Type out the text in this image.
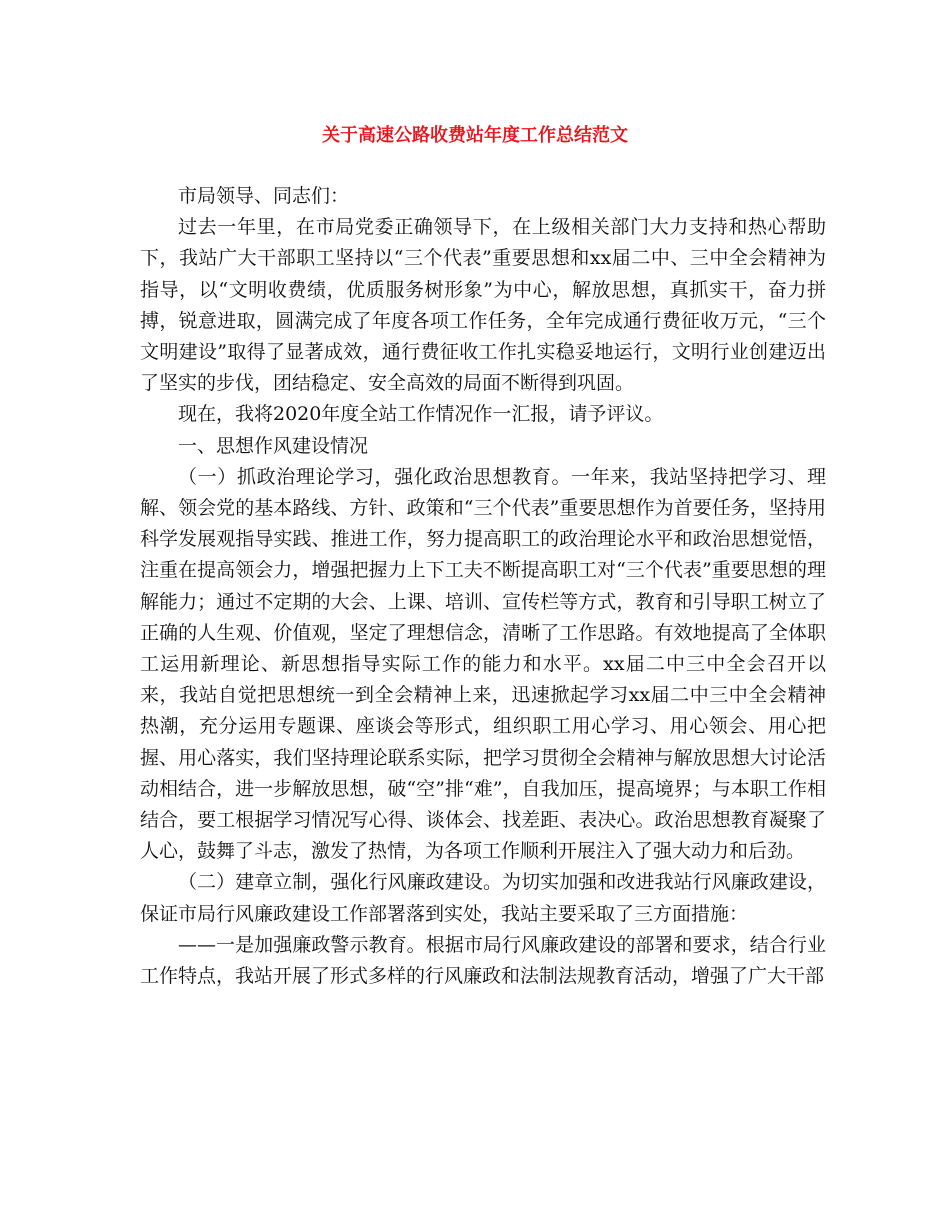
关于高速公路收费站年度工作总结范文

市局领导、同志们：

过去一年里，在市局党委正确领导下，在上级相关部门大力支持和热心帮助下，我站广大干部职工坚持以“三个代表”重要思想和xx届二中、三中全会精神为指导，以“文明收费绩，优质服务树形象”为中心，解放思想，真抓实干，奋力拼搏，锐意进取，圆满完成了年度各项工作任务，全年完成通行费征收万元，“三个文明建设”取得了显著成效，通行费征收工作扎实稳妥地运行，文明行业创建迈出了坚实的步伐，团结稳定、安全高效的局面不断得到巩固。

现在，我将2020年度全站工作情况作一汇报，请予评议。

一、思想作风建设情况

（一）抓政治理论学习，强化政治思想教育。一年来，我站坚持把学习、理解、领会党的基本路线、方针、政策和“三个代表”重要思想作为首要任务，坚持用科学发展观指导实践、推进工作，努力提高职工的政治理论水平和政治思想觉悟，注重在提高领会力，增强把握力上下工夫不断提高职工对“三个代表”重要思想的理解能力；通过不定期的大会、上课、培训、宣传栏等方式，教育和引导职工树立了正确的人生观、价值观，坚定了理想信念，清晰了工作思路。有效地提高了全体职工运用新理论、新思想指导实际工作的能力和水平。xx届二中三中全会召开以来，我站自觉把思想统一到全会精神上来，迅速掀起学习xx届二中三中全会精神热潮，充分运用专题课、座谈会等形式，组织职工用心学习、用心领会、用心把握、用心落实，我们坚持理论联系实际，把学习贯彻全会精神与解放思想大讨论活动相结合，进一步解放思想，破“空”排“难”，自我加压，提高境界；与本职工作相结合，要工根据学习情况写心得、谈体会、找差距、表决心。政治思想教育凝聚了人心，鼓舞了斗志，激发了热情，为各项工作顺利开展注入了强大动力和后劲。

（二）建章立制，强化行风廉政建设。为切实加强和改进我站行风廉政建设，保证市局行风廉政建设工作部署落到实处，我站主要采取了三方面措施：

——一是加强廉政警示教育。根据市局行风廉政建设的部署和要求，结合行业工作特点，我站开展了形式多样的行风廉政和法制法规教育活动，增强了广大干部
